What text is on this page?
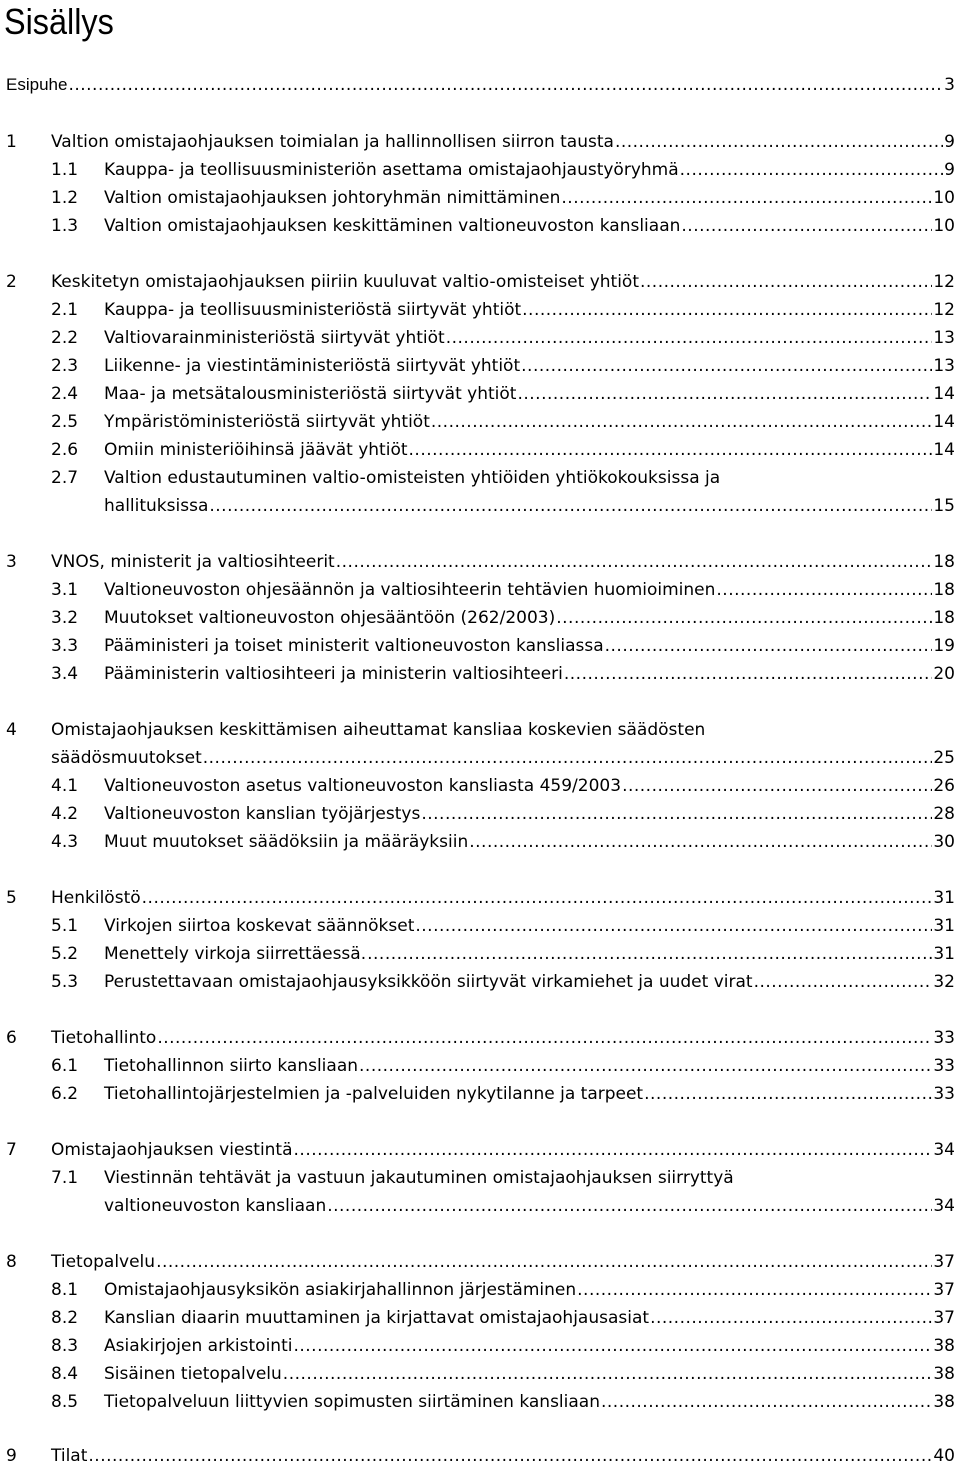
Sisällys
Esipuhe .....	3
1 Valtion omistajaohjauksen toimialan ja hallinnollisen siirron tausta .....	9
1.1 Kauppa- ja teollisuusministeriön asettama omistajaohjaustyöryhmä .....	9
1.2 Valtion omistajaohjauksen johtoryhmän nimittäminen .....	10
1.3 Valtion omistajaohjauksen keskittäminen valtioneuvoston kansliaan .....	10
2 Keskitetyn omistajaohjauksen piiriin kuuluvat valtio-omisteiset yhtiöt .....	12
2.1 Kauppa- ja teollisuusministeriöstä siirtyvät yhtiöt .....	12
2.2 Valtiovarainministeriöstä siirtyvät yhtiöt .....	13
2.3 Liikenne- ja viestintäministeriöstä siirtyvät yhtiöt .....	13
2.4 Maa- ja metsätalousministeriöstä siirtyvät yhtiöt .....	14
2.5 Ympäristöministeriöstä siirtyvät yhtiöt .....	14
2.6 Omiin ministeriöihinsä jäävät yhtiöt .....	14
2.7 Valtion edustautuminen valtio-omisteisten yhtiöiden yhtiökokouksissa ja
hallituksissa .....	15
3 VNOS, ministerit ja valtiosihteerit .....	18
3.1 Valtioneuvoston ohjesäännön ja valtiosihteerin tehtävien huomioiminen .....	18
3.2 Muutokset valtioneuvoston ohjesääntöön (262/2003) .....	18
3.3 Pääministeri ja toiset ministerit valtioneuvoston kansliassa .....	19
3.4 Pääministerin valtiosihteeri ja ministerin valtiosihteeri .....	20
4 Omistajaohjauksen keskittämisen aiheuttamat kansliaa koskevien säädösten
säädösmuutokset .....	25
4.1 Valtioneuvoston asetus valtioneuvoston kansliasta 459/2003 .....	26
4.2 Valtioneuvoston kanslian työjärjestys .....	28
4.3 Muut muutokset säädöksiin ja määräyksiin .....	30
5 Henkilöstö .....	31
5.1 Virkojen siirtoa koskevat säännökset .....	31
5.2 Menettely virkoja siirrettäessä. .....	31
5.3 Perustettavaan omistajaohjausyksikköön siirtyvät virkamiehet ja uudet virat .....	32
6 Tietohallinto .....	33
6.1 Tietohallinnon siirto kansliaan .....	33
6.2 Tietohallintojärjestelmien ja -palveluiden nykytilanne ja tarpeet .....	33
7 Omistajaohjauksen viestintä .....	34
7.1 Viestinnän tehtävät ja vastuun jakautuminen omistajaohjauksen siirryttyä
valtioneuvoston kansliaan .....	34
8 Tietopalvelu .....	37
8.1 Omistajaohjausyksikön asiakirjahallinnon järjestäminen .....	37
8.2 Kanslian diaarin muuttaminen ja kirjattavat omistajaohjausasiat .....	37
8.3 Asiakirjojen arkistointi .....	38
8.4 Sisäinen tietopalvelu .....	38
8.5 Tietopalveluun liittyvien sopimusten siirtäminen kansliaan .....	38
9 Tilat .....	40
